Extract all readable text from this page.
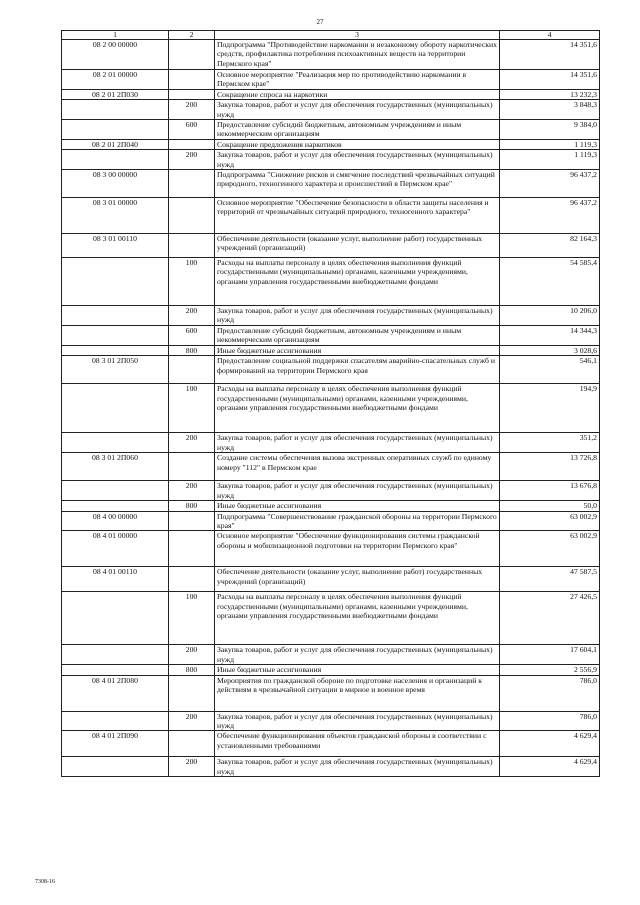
27
1	2	3	4
08 2 00 00000		Подпрограмма "Противодействие наркомании и незаконному обороту наркотических средств, профилактика потребления психоактивных веществ на территории Пермского края"	14 351,6
08 2 01 00000		Основное мероприятие "Реализация мер по противодействию наркомании в Пермском крае"	14 351,6
08 2 01 2П030		Сокращение спроса на наркотики	13 232,3
	200	Закупка товаров, работ и услуг для обеспечения государственных (муниципальных) нужд	3 848,3
	600	Предоставление субсидий бюджетным, автономным учреждениям и иным некоммерческим организациям	9 384,0
08 2 01 2П040		Сокращение предложения наркотиков	1 119,3
	200	Закупка товаров, работ и услуг для обеспечения государственных (муниципальных) нужд	1 119,3
08 3 00 00000		Подпрограмма "Снижение рисков и смягчение последствий чрезвычайных ситуаций природного, техногенного характера и происшествий в Пермском крае"	96 437,2
08 3 01 00000		Основное мероприятие "Обеспечение безопасности в области защиты населения и территорий от чрезвычайных ситуаций природного, техногенного характера"	96 437,2
08 3 01 00110		Обеспечение деятельности (оказание услуг, выполнение работ) государственных учреждений (организаций)	82 164,3
	100	Расходы на выплаты персоналу в целях обеспечения выполнения функций государственными (муниципальными) органами, казенными учреждениями, органами управления государственными внебюджетными фондами	54 585,4
	200	Закупка товаров, работ и услуг для обеспечения государственных (муниципальных) нужд	10 206,0
	600	Предоставление субсидий бюджетным, автономным учреждениям и иным некоммерческим организациям	14 344,3
	800	Иные бюджетные ассигнования	3 028,6
08 3 01 2П050		Предоставление социальной поддержки спасателям аварийно-спасательных служб и формирований на территории Пермского края	546,1
	100	Расходы на выплаты персоналу в целях обеспечения выполнения функций государственными (муниципальными) органами, казенными учреждениями, органами управления государственными внебюджетными фондами	194,9
	200	Закупка товаров, работ и услуг для обеспечения государственных (муниципальных) нужд	351,2
08 3 01 2П060		Создание системы обеспечения вызова экстренных оперативных служб по единому номеру "112" в Пермском крае	13 726,8
	200	Закупка товаров, работ и услуг для обеспечения государственных (муниципальных) нужд	13 676,8
	800	Иные бюджетные ассигнования	50,0
08 4 00 00000		Подпрограмма "Совершенствование гражданской обороны на территории Пермского края"	63 002,9
08 4 01 00000		Основное мероприятие "Обеспечение функционирования системы гражданской обороны и мобилизационной подготовки на территории Пермского края"	63 002,9
08 4 01 00110		Обеспечение деятельности (оказание услуг, выполнение работ) государственных учреждений (организаций)	47 587,5
	100	Расходы на выплаты персоналу в целях обеспечения выполнения функций государственными (муниципальными) органами, казенными учреждениями, органами управления государственными внебюджетными фондами	27 426,5
	200	Закупка товаров, работ и услуг для обеспечения государственных (муниципальных) нужд	17 604,1
	800	Иные бюджетные ассигнования	2 556,9
08 4 01 2П080		Мероприятия по гражданской обороне по подготовке населения и организаций к действиям в чрезвычайной ситуации в мирное и военное время	786,0
	200	Закупка товаров, работ и услуг для обеспечения государственных (муниципальных) нужд	786,0
08 4 01 2П090		Обеспечение функционирования объектов гражданской обороны в соответствии с установленными требованиями	4 629,4
	200	Закупка товаров, работ и услуг для обеспечения государственных (муниципальных) нужд	4 629,4
7308-16
